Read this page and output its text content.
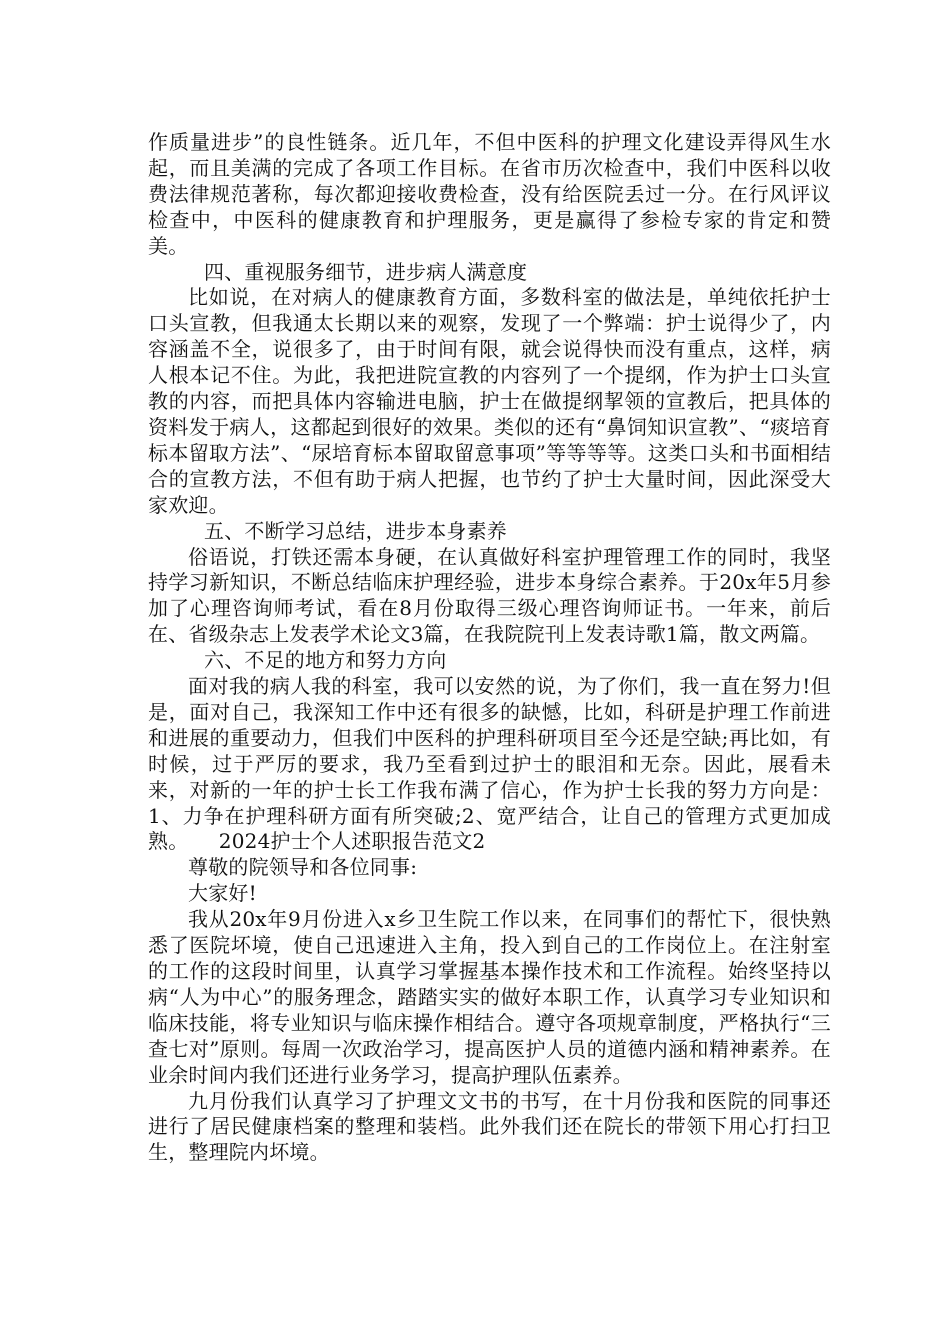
作质量进步”的良性链条。近几年，不但中医科的护理文化建设弄得风生水起，而且美满的完成了各项工作目标。在省市历次检查中，我们中医科以收费法律规范著称，每次都迎接收费检查，没有给医院丢过一分。在行风评议检查中，中医科的健康教育和护理服务，更是赢得了参检专家的肯定和赞美。

四、重视服务细节，进步病人满意度

比如说，在对病人的健康教育方面，多数科室的做法是，单纯依托护士口头宣教，但我通太长期以来的观察，发现了一个弊端：护士说得少了，内容涵盖不全，说很多了，由于时间有限，就会说得快而没有重点，这样，病人根本记不住。为此，我把进院宣教的内容列了一个提纲，作为护士口头宣教的内容，而把具体内容输进电脑，护士在做提纲挈领的宣教后，把具体的资料发于病人，这都起到很好的效果。类似的还有“鼻饲知识宣教”、“痰培育标本留取方法”、“尿培育标本留取留意事项”等等等等。这类口头和书面相结合的宣教方法，不但有助于病人把握，也节约了护士大量时间，因此深受大家欢迎。

五、不断学习总结，进步本身素养

俗语说，打铁还需本身硬，在认真做好科室护理管理工作的同时，我坚持学习新知识，不断总结临床护理经验，进步本身综合素养。于20x年5月参加了心理咨询师考试，看在8月份取得三级心理咨询师证书。一年来，前后在、省级杂志上发表学术论文3篇，在我院院刊上发表诗歌1篇，散文两篇。

六、不足的地方和努力方向

面对我的病人我的科室，我可以安然的说，为了你们，我一直在努力!但是，面对自己，我深知工作中还有很多的缺憾，比如，科研是护理工作前进和进展的重要动力，但我们中医科的护理科研项目至今还是空缺;再比如，有时候，过于严厉的要求，我乃至看到过护士的眼泪和无奈。因此，展看未来，对新的一年的护士长工作我布满了信心，作为护士长我的努力方向是：1、力争在护理科研方面有所突破;2、宽严结合，让自己的管理方式更加成熟。　　2024护士个人述职报告范文2

尊敬的院领导和各位同事:

大家好!

我从20x年9月份进入x乡卫生院工作以来，在同事们的帮忙下，很快熟悉了医院坏境，使自己迅速进入主角，投入到自己的工作岗位上。在注射室的工作的这段时间里，认真学习掌握基本操作技术和工作流程。始终坚持以病“人为中心”的服务理念，踏踏实实的做好本职工作，认真学习专业知识和临床技能，将专业知识与临床操作相结合。遵守各项规章制度，严格执行“三查七对”原则。每周一次政治学习，提高医护人员的道德内涵和精神素养。在业余时间内我们还进行业务学习，提高护理队伍素养。

九月份我们认真学习了护理文文书的书写，在十月份我和医院的同事还进行了居民健康档案的整理和装档。此外我们还在院长的带领下用心打扫卫生，整理院内坏境。
